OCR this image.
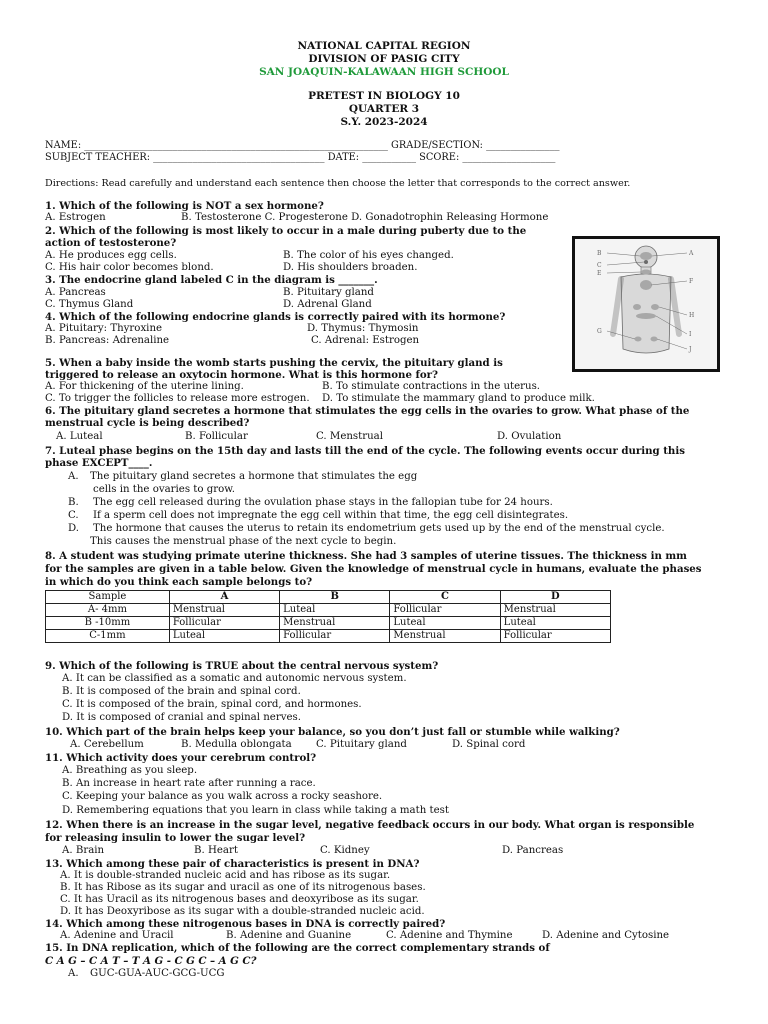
NATIONAL CAPITAL REGION
DIVISION OF PASIG CITY
SAN JOAQUIN-KALAWAAN HIGH SCHOOL
PRETEST IN BIOLOGY 10
QUARTER 3
S.Y. 2023-2024
NAME: ______________________________________________________________ GRADE/SECTION: _______________
SUBJECT TEACHER: ___________________________________ DATE: ___________ SCORE: ___________________
Directions: Read carefully and understand each sentence then choose the letter that corresponds to the correct answer.
1. Which of the following is NOT a sex hormone?
A. Estrogen	B. Testosterone C. Progesterone D. Gonadotrophin Releasing Hormone
2. Which of the following is most likely to occur in a male during puberty due to the
action of testosterone?
A. He produces egg cells.	B. The color of his eyes changed.
C. His hair color becomes blond.	D. His shoulders broaden.
3. The endocrine gland labeled C in the diagram is _______.
A. Pancreas	B. Pituitary gland
C. Thymus Gland	D. Adrenal Gland
4. Which of the following endocrine glands is correctly paired with its hormone?
A. Pituitary: Thyroxine	D. Thymus: Thymosin
B. Pancreas: Adrenaline	C. Adrenal: Estrogen
B
C
E
G
A
F
H
I
J
5. When a baby inside the womb starts pushing the cervix, the pituitary gland is
triggered to release an oxytocin hormone. What is this hormone for?
A. For thickening of the uterine lining.	B. To stimulate contractions in the uterus.
C. To trigger the follicles to release more estrogen. D. To stimulate the mammary gland to produce milk.
6. The pituitary gland secretes a hormone that stimulates the egg cells in the ovaries to grow. What phase of the
menstrual cycle is being described?
A. Luteal	B. Follicular	C. Menstrual	D. Ovulation
7. Luteal phase begins on the 15th day and lasts till the end of the cycle. The following events occur during this
phase EXCEPT____.
A. The pituitary gland secretes a hormone that stimulates the egg
cells in the ovaries to grow.
B. The egg cell released during the ovulation phase stays in the fallopian tube for 24 hours.
C. If a sperm cell does not impregnate the egg cell within that time, the egg cell disintegrates.
D. The hormone that causes the uterus to retain its endometrium gets used up by the end of the menstrual cycle.
This causes the menstrual phase of the next cycle to begin.
8. A student was studying primate uterine thickness. She had 3 samples of uterine tissues. The thickness in mm
for the samples are given in a table below. Given the knowledge of menstrual cycle in humans, evaluate the phases
in which do you think each sample belongs to?
Sample	A	B	C	D
A- 4mm	Menstrual	Luteal	Follicular	Menstrual
B -10mm	Follicular	Menstrual	Luteal	Luteal
C-1mm	Luteal	Follicular	Menstrual	Follicular
9. Which of the following is TRUE about the central nervous system?
A. It can be classified as a somatic and autonomic nervous system.
B. It is composed of the brain and spinal cord.
C. It is composed of the brain, spinal cord, and hormones.
D. It is composed of cranial and spinal nerves.
10. Which part of the brain helps keep your balance, so you don’t just fall or stumble while walking?
A. Cerebellum	B. Medulla oblongata C. Pituitary gland	D. Spinal cord
11. Which activity does your cerebrum control?
A. Breathing as you sleep.
B. An increase in heart rate after running a race.
C. Keeping your balance as you walk across a rocky seashore.
D. Remembering equations that you learn in class while taking a math test
12. When there is an increase in the sugar level, negative feedback occurs in our body. What organ is responsible
for releasing insulin to lower the sugar level?
A. Brain	B. Heart	C. Kidney	D. Pancreas
13. Which among these pair of characteristics is present in DNA?
A. It is double-stranded nucleic acid and has ribose as its sugar.
B. It has Ribose as its sugar and uracil as one of its nitrogenous bases.
C. It has Uracil as its nitrogenous bases and deoxyribose as its sugar.
D. It has Deoxyribose as its sugar with a double-stranded nucleic acid.
14. Which among these nitrogenous bases in DNA is correctly paired?
A. Adenine and Uracil	B. Adenine and Guanine	C. Adenine and Thymine	D. Adenine and Cytosine
15. In DNA replication, which of the following are the correct complementary strands of
C A G – C A T – T A G - C G C – A G C?
A. GUC-GUA-AUC-GCG-UCG
